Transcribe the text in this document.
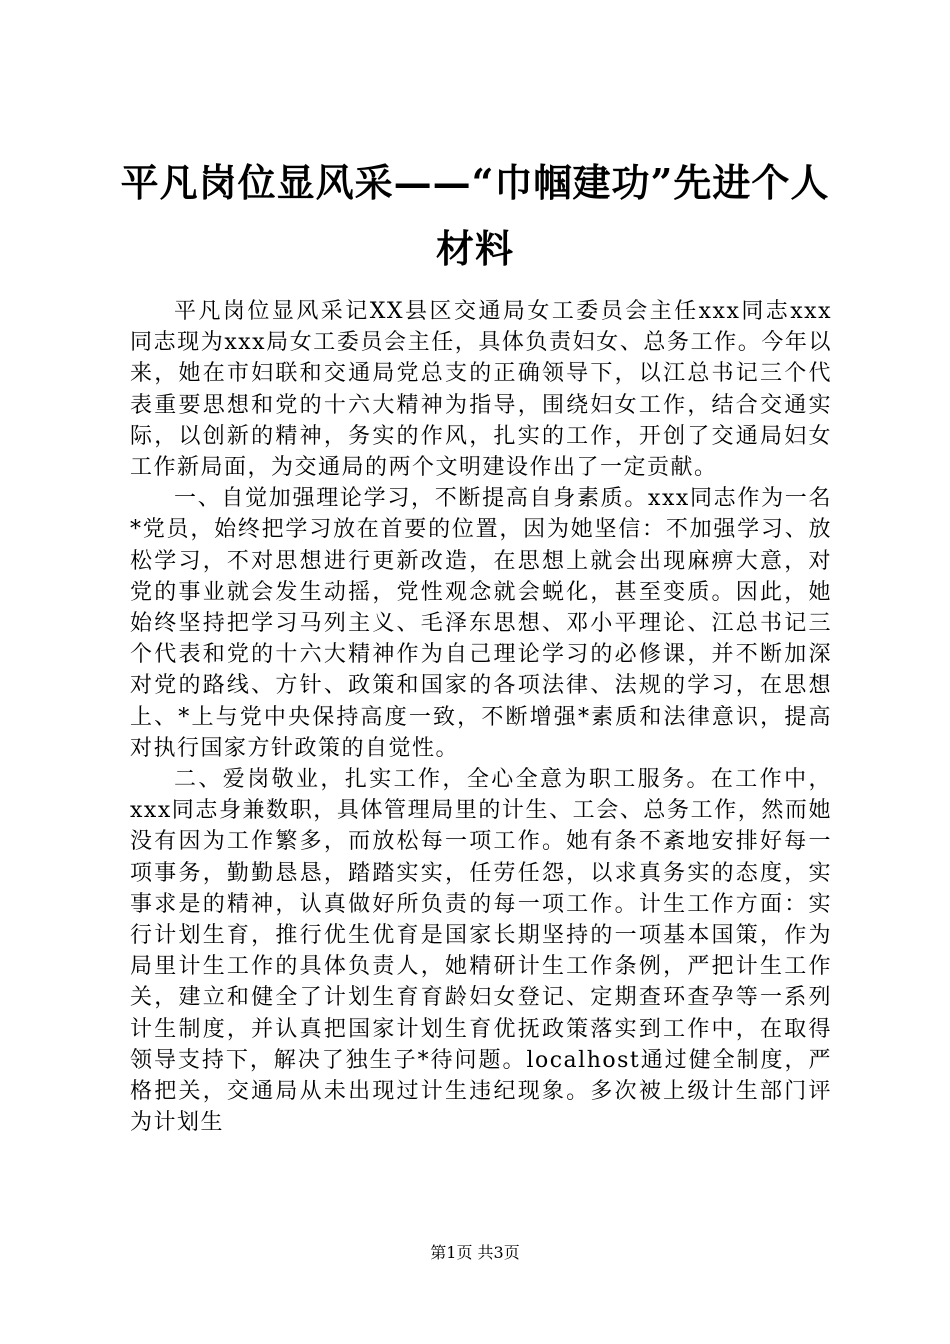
平凡岗位显风采——“巾帼建功”先进个人材料

平凡岗位显风采记XX县区交通局女工委员会主任xxx同志xxx同志现为xxx局女工委员会主任，具体负责妇女、总务工作。今年以来，她在市妇联和交通局党总支的正确领导下，以江总书记三个代表重要思想和党的十六大精神为指导，围绕妇女工作，结合交通实际，以创新的精神，务实的作风，扎实的工作，开创了交通局妇女工作新局面，为交通局的两个文明建设作出了一定贡献。

一、自觉加强理论学习，不断提高自身素质。xxx同志作为一名*党员，始终把学习放在首要的位置，因为她坚信：不加强学习、放松学习，不对思想进行更新改造，在思想上就会出现麻痹大意，对党的事业就会发生动摇，党性观念就会蜕化，甚至变质。因此，她始终坚持把学习马列主义、毛泽东思想、邓小平理论、江总书记三个代表和党的十六大精神作为自己理论学习的必修课，并不断加深对党的路线、方针、政策和国家的各项法律、法规的学习，在思想上、*上与党中央保持高度一致，不断增强*素质和法律意识，提高对执行国家方针政策的自觉性。

二、爱岗敬业，扎实工作，全心全意为职工服务。在工作中，xxx同志身兼数职，具体管理局里的计生、工会、总务工作，然而她没有因为工作繁多，而放松每一项工作。她有条不紊地安排好每一项事务，勤勤恳恳，踏踏实实，任劳任怨，以求真务实的态度，实事求是的精神，认真做好所负责的每一项工作。计生工作方面：实行计划生育，推行优生优育是国家长期坚持的一项基本国策，作为局里计生工作的具体负责人，她精研计生工作条例，严把计生工作关，建立和健全了计划生育育龄妇女登记、定期查环查孕等一系列计生制度，并认真把国家计划生育优抚政策落实到工作中，在取得领导支持下，解决了独生子*待问题。localhost通过健全制度，严格把关，交通局从未出现过计生违纪现象。多次被上级计生部门评为计划生

第1页 共3页
